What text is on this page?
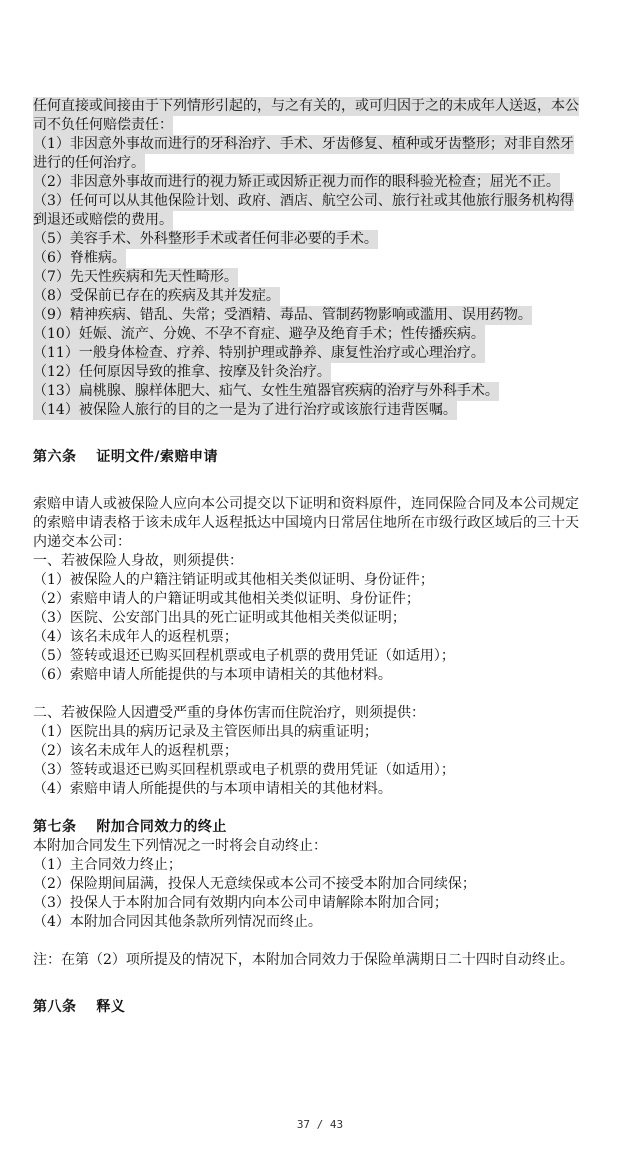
任何直接或间接由于下列情形引起的，与之有关的，或可归因于之的未成年人送返，本公
司不负任何赔偿责任：
（1）非因意外事故而进行的牙科治疗、手术、牙齿修复、植种或牙齿整形；对非自然牙
进行的任何治疗。
（2）非因意外事故而进行的视力矫正或因矫正视力而作的眼科验光检查；屈光不正。
（3）任何可以从其他保险计划、政府、酒店、航空公司、旅行社或其他旅行服务机构得
到退还或赔偿的费用。
（5）美容手术、外科整形手术或者任何非必要的手术。
（6）脊椎病。
（7）先天性疾病和先天性畸形。
（8）受保前已存在的疾病及其并发症。
（9）精神疾病、错乱、失常；受酒精、毒品、管制药物影响或滥用、误用药物。
（10）妊娠、流产、分娩、不孕不育症、避孕及绝育手术；性传播疾病。
（11）一般身体检查、疗养、特别护理或静养、康复性治疗或心理治疗。
（12）任何原因导致的推拿、按摩及针灸治疗。
（13）扁桃腺、腺样体肥大、疝气、女性生殖器官疾病的治疗与外科手术。
（14）被保险人旅行的目的之一是为了进行治疗或该旅行违背医嘱。
第六条　 证明文件/索赔申请
索赔申请人或被保险人应向本公司提交以下证明和资料原件，连同保险合同及本公司规定
的索赔申请表格于该未成年人返程抵达中国境内日常居住地所在市级行政区域后的三十天
内递交本公司：
一、若被保险人身故，则须提供：
（1）被保险人的户籍注销证明或其他相关类似证明、身份证件；
（2）索赔申请人的户籍证明或其他相关类似证明、身份证件；
（3）医院、公安部门出具的死亡证明或其他相关类似证明；
（4）该名未成年人的返程机票；
（5）签转或退还已购买回程机票或电子机票的费用凭证（如适用）；
（6）索赔申请人所能提供的与本项申请相关的其他材料。
二、若被保险人因遭受严重的身体伤害而住院治疗，则须提供：
（1）医院出具的病历记录及主管医师出具的病重证明；
（2）该名未成年人的返程机票；
（3）签转或退还已购买回程机票或电子机票的费用凭证（如适用）；
（4）索赔申请人所能提供的与本项申请相关的其他材料。
第七条　 附加合同效力的终止
本附加合同发生下列情况之一时将会自动终止：
（1）主合同效力终止；
（2）保险期间届满，投保人无意续保或本公司不接受本附加合同续保；
（3）投保人于本附加合同有效期内向本公司申请解除本附加合同；
（4）本附加合同因其他条款所列情况而终止。
注：在第（2）项所提及的情况下，本附加合同效力于保险单满期日二十四时自动终止。
第八条　 释义
37 / 43
